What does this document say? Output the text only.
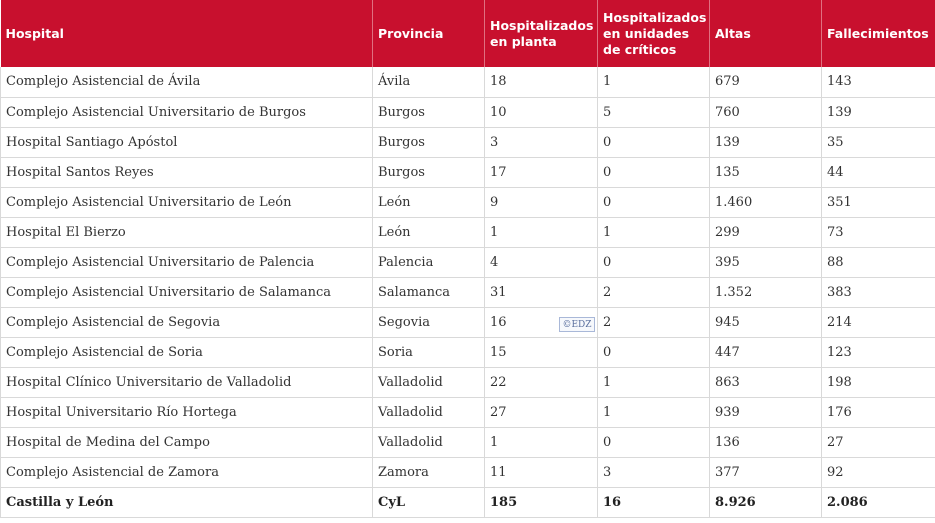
Hospital	Provincia	Hospitalizados en planta	Hospitalizados en unidades de críticos	Altas	Fallecimientos
Complejo Asistencial de Ávila	Ávila	18	1	679	143
Complejo Asistencial Universitario de Burgos	Burgos	10	5	760	139
Hospital Santiago Apóstol	Burgos	3	0	139	35
Hospital Santos Reyes	Burgos	17	0	135	44
Complejo Asistencial Universitario de León	León	9	0	1.460	351
Hospital El Bierzo	León	1	1	299	73
Complejo Asistencial Universitario de Palencia	Palencia	4	0	395	88
Complejo Asistencial Universitario de Salamanca	Salamanca	31	2	1.352	383
Complejo Asistencial de Segovia	Segovia	16	2	945	214
Complejo Asistencial de Soria	Soria	15	0	447	123
Hospital Clínico Universitario de Valladolid	Valladolid	22	1	863	198
Hospital Universitario Río Hortega	Valladolid	27	1	939	176
Hospital de Medina del Campo	Valladolid	1	0	136	27
Complejo Asistencial de Zamora	Zamora	11	3	377	92
Castilla y León	CyL	185	16	8.926	2.086
©EDZ
